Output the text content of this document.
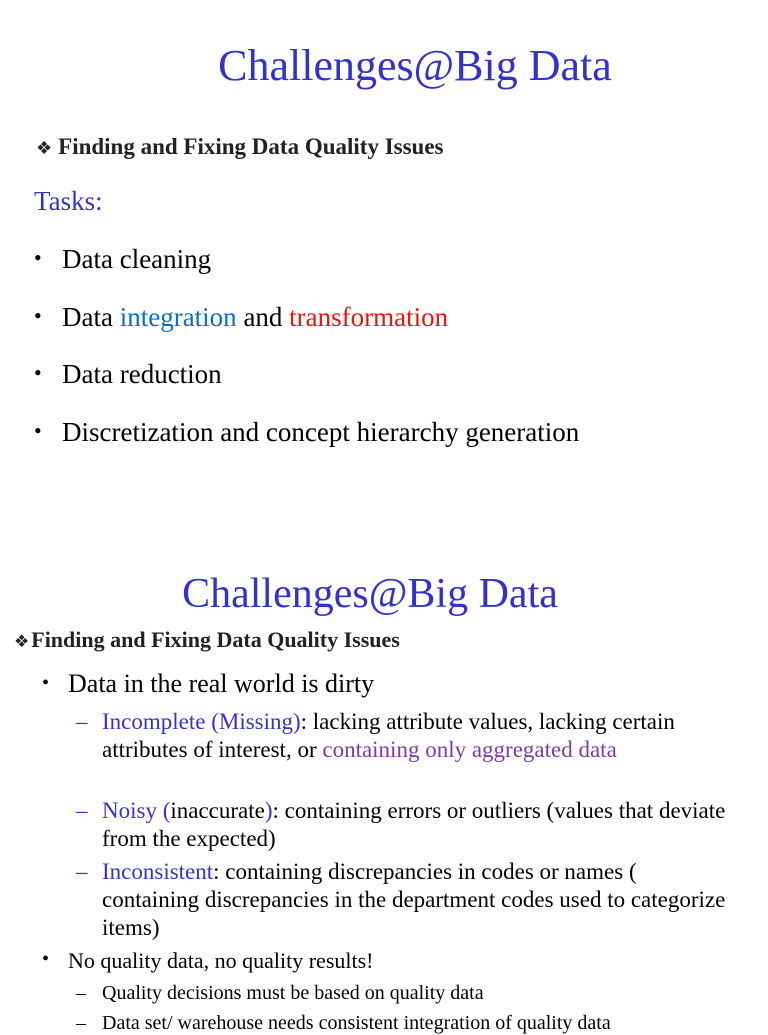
Challenges@Big Data
❖ Finding and Fixing Data Quality Issues
Tasks:
• Data cleaning
• Data integration and transformation
• Data reduction
• Discretization and concept hierarchy generation
Challenges@Big Data
❖Finding and Fixing Data Quality Issues
• Data in the real world is dirty
– Incomplete (Missing): lacking attribute values, lacking certain attributes of interest, or containing only aggregated data
– Noisy (inaccurate): containing errors or outliers (values that deviate from the expected)
– Inconsistent: containing discrepancies in codes or names ( containing discrepancies in the department codes used to categorize items)
• No quality data, no quality results!
– Quality decisions must be based on quality data
– Data set/ warehouse needs consistent integration of quality data
